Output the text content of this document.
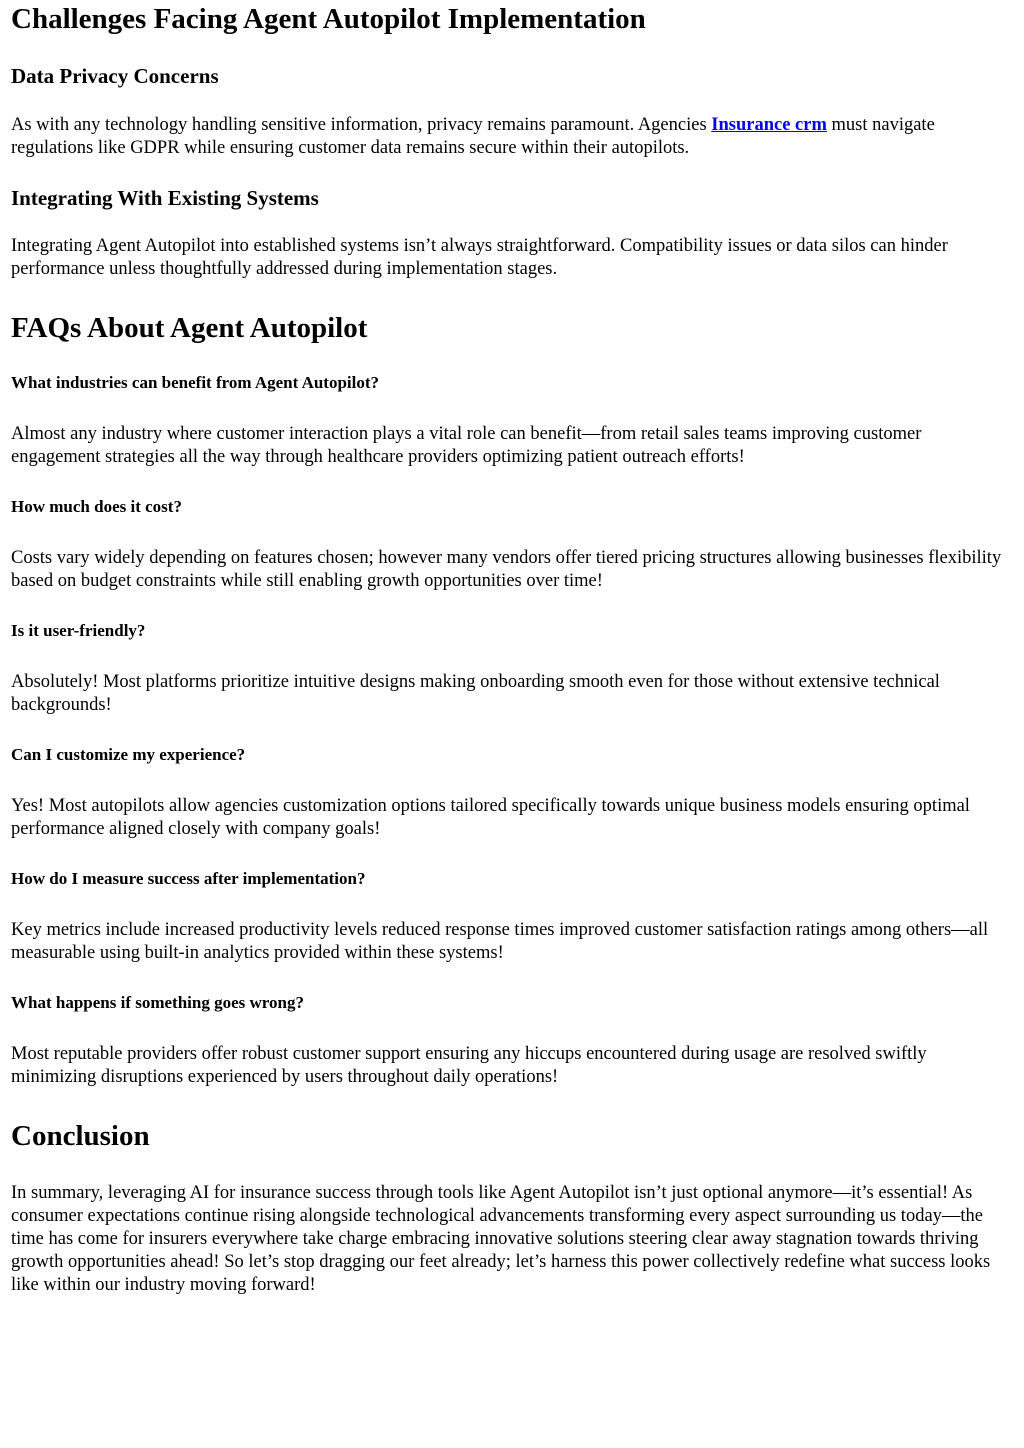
Challenges Facing Agent Autopilot Implementation
Data Privacy Concerns

As with any technology handling sensitive information, privacy remains paramount. Agencies Insurance crm must navigate regulations like GDPR while ensuring customer data remains secure within their autopilots.

Integrating With Existing Systems

Integrating Agent Autopilot into established systems isn’t always straightforward. Compatibility issues or data silos can hinder performance unless thoughtfully addressed during implementation stages.

FAQs About Agent Autopilot
What industries can benefit from Agent Autopilot?

Almost any industry where customer interaction plays a vital role can benefit—from retail sales teams improving customer engagement strategies all the way through healthcare providers optimizing patient outreach efforts!

How much does it cost?

Costs vary widely depending on features chosen; however many vendors offer tiered pricing structures allowing businesses flexibility based on budget constraints while still enabling growth opportunities over time!

Is it user-friendly?

Absolutely! Most platforms prioritize intuitive designs making onboarding smooth even for those without extensive technical backgrounds!

Can I customize my experience?

Yes! Most autopilots allow agencies customization options tailored specifically towards unique business models ensuring optimal performance aligned closely with company goals!

How do I measure success after implementation?

Key metrics include increased productivity levels reduced response times improved customer satisfaction ratings among others—all measurable using built-in analytics provided within these systems!

What happens if something goes wrong?

Most reputable providers offer robust customer support ensuring any hiccups encountered during usage are resolved swiftly minimizing disruptions experienced by users throughout daily operations!

Conclusion

In summary, leveraging AI for insurance success through tools like Agent Autopilot isn’t just optional anymore—it’s essential! As consumer expectations continue rising alongside technological advancements transforming every aspect surrounding us today—the time has come for insurers everywhere take charge embracing innovative solutions steering clear away stagnation towards thriving growth opportunities ahead! So let’s stop dragging our feet already; let’s harness this power collectively redefine what success looks like within our industry moving forward!
